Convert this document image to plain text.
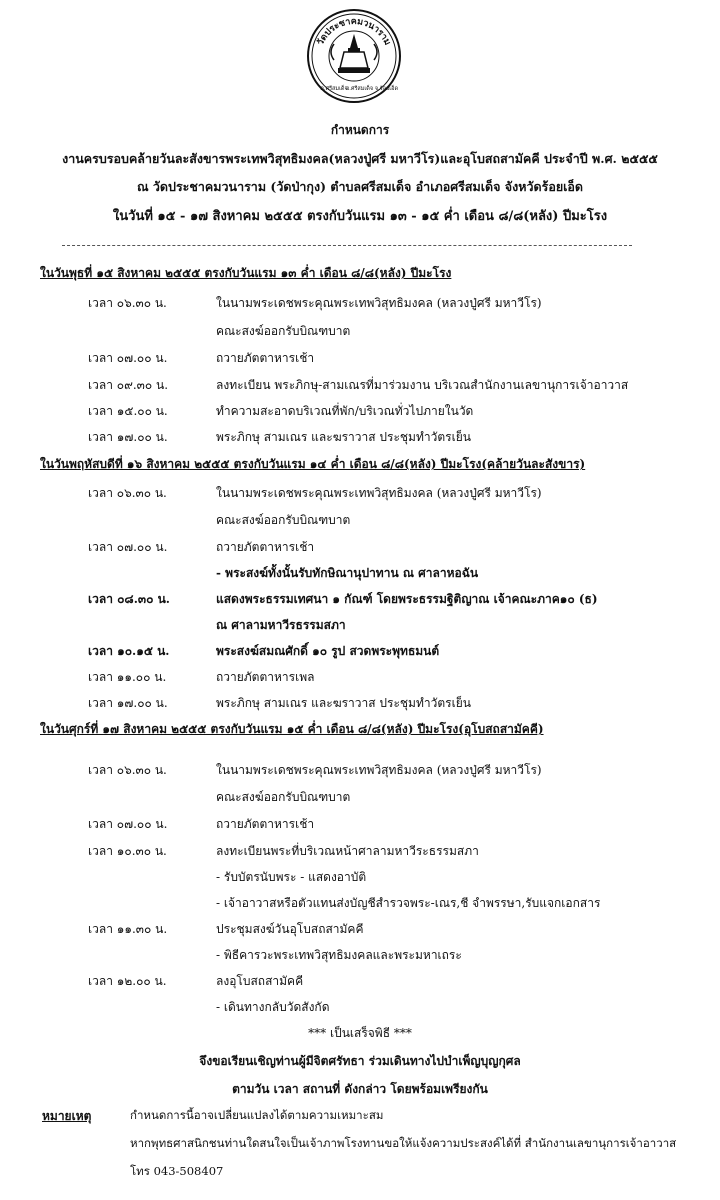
วัดประชาคมวนาราม
ต.ศรีสมเด็จ
อ.ศรีสมเด็จ จ.ร้อยเอ็ด
กำหนดการ
งานครบรอบคล้ายวันละสังขารพระเทพวิสุทธิมงคล(หลวงปู่ศรี มหาวีโร)และอุโบสถสามัคคี ประจำปี พ.ศ. ๒๕๕๕
ณ วัดประชาคมวนาราม (วัดป่ากุง) ตำบลศรีสมเด็จ อำเภอศรีสมเด็จ จังหวัดร้อยเอ็ด
ในวันที่ ๑๕ - ๑๗ สิงหาคม ๒๕๕๕ ตรงกับวันแรม ๑๓ - ๑๕ ค่ำ เดือน ๘/๘(หลัง) ปีมะโรง
ในวันพุธที่ ๑๕ สิงหาคม ๒๕๕๕ ตรงกับวันแรม ๑๓ ค่ำ เดือน ๘/๘(หลัง) ปีมะโรง
เวลา ๐๖.๓๐ น.	ในนามพระเดชพระคุณพระเทพวิสุทธิมงคล (หลวงปู่ศรี มหาวีโร)
คณะสงฆ์ออกรับบิณฑบาต
เวลา ๐๗.๐๐ น.	ถวายภัตตาหารเช้า
เวลา ๐๙.๓๐ น.	ลงทะเบียน พระภิกษุ-สามเณรที่มาร่วมงาน บริเวณสำนักงานเลขานุการเจ้าอาวาส
เวลา ๑๕.๐๐ น.	ทำความสะอาดบริเวณที่พัก/บริเวณทั่วไปภายในวัด
เวลา ๑๗.๐๐ น.	พระภิกษุ สามเณร และฆราวาส ประชุมทำวัตรเย็น
ในวันพฤหัสบดีที่ ๑๖ สิงหาคม ๒๕๕๕ ตรงกับวันแรม ๑๔ ค่ำ เดือน ๘/๘(หลัง) ปีมะโรง(คล้ายวันละสังขาร)
เวลา ๐๖.๓๐ น.	ในนามพระเดชพระคุณพระเทพวิสุทธิมงคล (หลวงปู่ศรี มหาวีโร)
คณะสงฆ์ออกรับบิณฑบาต
เวลา ๐๗.๐๐ น.	ถวายภัตตาหารเช้า
- พระสงฆ์ทั้งนั้นรับทักษิณานุปาทาน ณ ศาลาหอฉัน
เวลา ๐๘.๓๐ น.	แสดงพระธรรมเทศนา ๑ กัณฑ์ โดยพระธรรมฐิติญาณ เจ้าคณะภาค๑๐ (ธ)
ณ ศาลามหาวีรธรรมสภา
เวลา ๑๐.๑๕ น.	พระสงฆ์สมณศักดิ์ ๑๐ รูป สวดพระพุทธมนต์
เวลา ๑๑.๐๐ น.	ถวายภัตตาหารเพล
เวลา ๑๗.๐๐ น.	พระภิกษุ สามเณร และฆราวาส ประชุมทำวัตรเย็น
ในวันศุกร์ที่ ๑๗ สิงหาคม ๒๕๕๕ ตรงกับวันแรม ๑๕ ค่ำ เดือน ๘/๘(หลัง) ปีมะโรง(อุโบสถสามัคคี)
เวลา ๐๖.๓๐ น.	ในนามพระเดชพระคุณพระเทพวิสุทธิมงคล (หลวงปู่ศรี มหาวีโร)
คณะสงฆ์ออกรับบิณฑบาต
เวลา ๐๗.๐๐ น.	ถวายภัตตาหารเช้า
เวลา ๑๐.๓๐ น.	ลงทะเบียนพระที่บริเวณหน้าศาลามหาวีระธรรมสภา
- รับบัตรนับพระ - แสดงอาบัติ
- เจ้าอาวาสหรือตัวแทนส่งบัญชีสำรวจพระ-เณร,ชี จำพรรษา,รับแจกเอกสาร
เวลา ๑๑.๓๐ น.	ประชุมสงฆ์วันอุโบสถสามัคคี
- พิธีคารวะพระเทพวิสุทธิมงคลและพระมหาเถระ
เวลา ๑๒.๐๐ น.	ลงอุโบสถสามัคคี
- เดินทางกลับวัดสังกัด
*** เป็นเสร็จพิธี ***
จึงขอเรียนเชิญท่านผู้มีจิตศรัทธา ร่วมเดินทางไปบำเพ็ญบุญกุศล
ตามวัน เวลา สถานที่ ดังกล่าว โดยพร้อมเพรียงกัน
หมายเหตุ	กำหนดการนี้อาจเปลี่ยนแปลงได้ตามความเหมาะสม
หากพุทธศาสนิกชนท่านใดสนใจเป็นเจ้าภาพโรงทานขอให้แจ้งความประสงค์ได้ที่ สำนักงานเลขานุการเจ้าอาวาส
โทร 043-508407
